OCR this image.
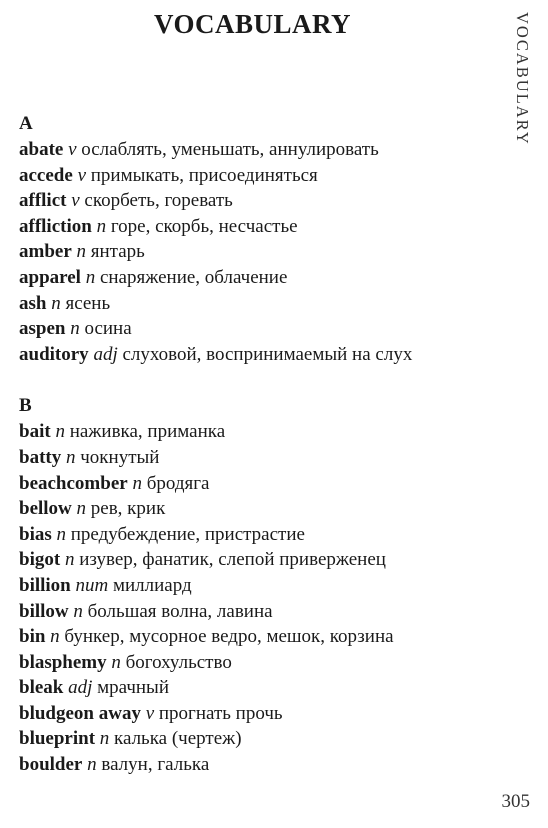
VOCABULARY	VOCABULARY
A
abate v ослаблять, уменьшать, аннулировать
accede v примыкать, присоединяться
afflict v скорбеть, горевать
affliction n горе, скорбь, несчастье
amber n янтарь
apparel n снаряжение, облачение
ash n ясень
aspen n осина
auditory adj слуховой, воспринимаемый на слух
B
bait n наживка, приманка
batty n чокнутый
beachcomber n бродяга
bellow n рев, крик
bias n предубеждение, пристрастие
bigot n изувер, фанатик, слепой приверженец
billion num миллиард
billow n большая волна, лавина
bin n бункер, мусорное ведро, мешок, корзина
blasphemy n богохульство
bleak adj мрачный
bludgeon away v прогнать прочь
blueprint n калька (чертеж)
boulder n валун, галька
305
